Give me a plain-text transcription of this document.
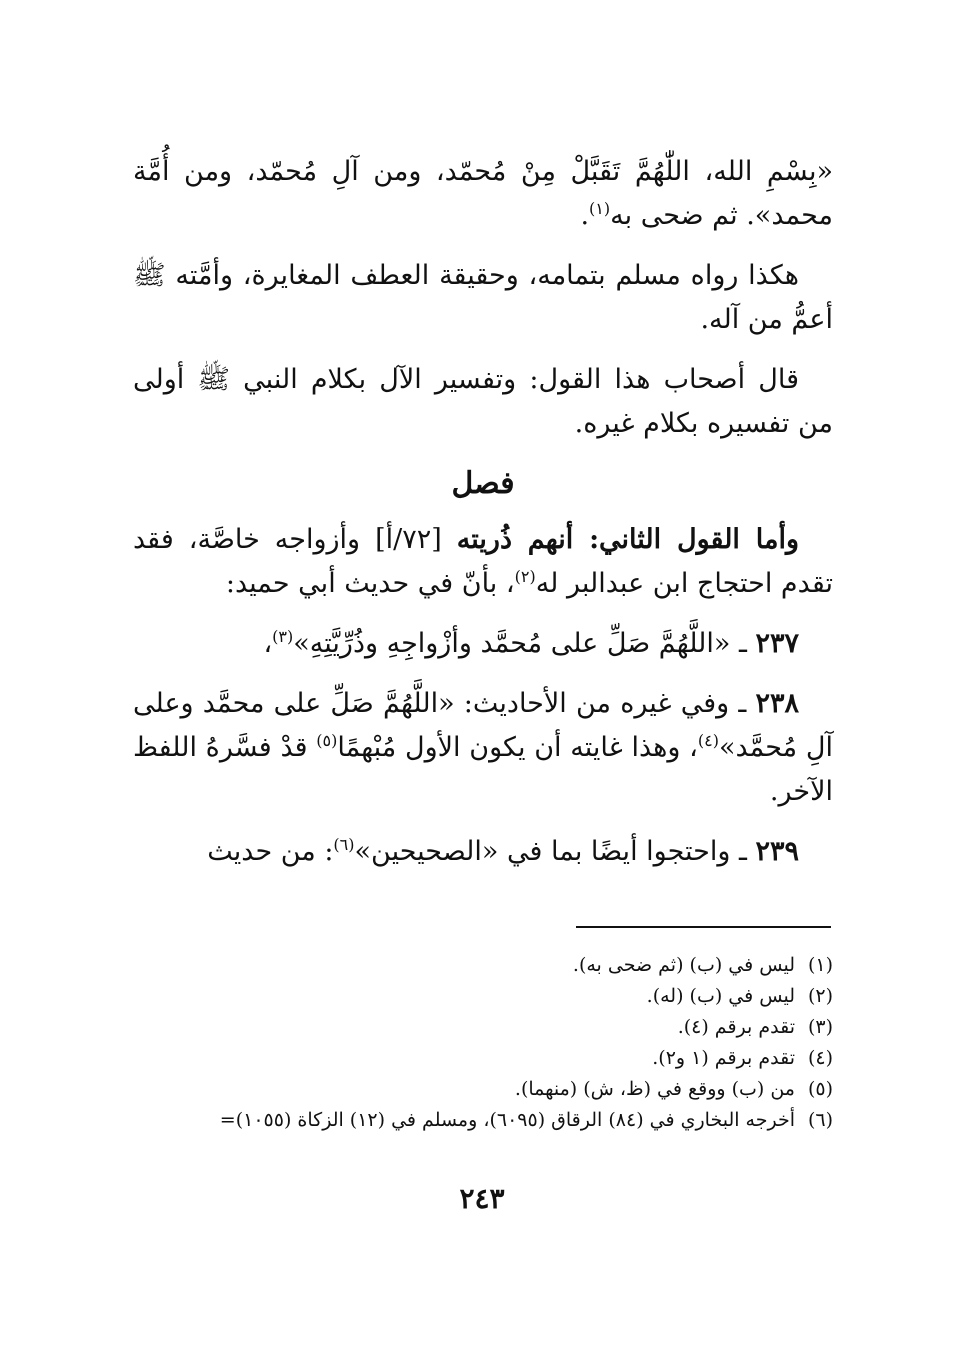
«بِسْمِ الله، اللّٰهُمَّ تَقَبَّلْ مِنْ مُحمّد، ومن آلِ مُحمّد، ومن أُمَّة محمد». ثم ضحى به$^{(١)}$.

هكذا رواه مسلم بتمامه، وحقيقة العطف المغايرة، وأمَّته ﷺ أعمُّ من آله.

قال أصحاب هذا القول: وتفسير الآل بكلام النبي ﷺ أولى من تفسيره بكلام غيره.

فصل

وأما القول الثاني: أنهم ذُريته [٧٢/أ] وأزواجه خاصَّة، فقد تقدم احتجاج ابن عبدالبر له$^{(٢)}$، بأنّ في حديث أبي حميد:

٢٣٧ ـ «اللَّهُمَّ صَلِّ على مُحمَّد وأزْواجِهِ وذُرِّيَّتِهِ»$^{(٣)}$،

٢٣٨ ـ وفي غيره من الأحاديث: «اللَّهُمَّ صَلِّ على محمَّد وعلى آلِ مُحمَّد»$^{(٤)}$، وهذا غايته أن يكون الأول مُبْهمًا$^{(٥)}$ قدْ فسَّرهُ اللفظ الآخر.

٢٣٩ ـ واحتجوا أيضًا بما في «الصحيحين»$^{(٦)}$: من حديث

(١)ليس في (ب) (ثم ضحى به).
(٢)ليس في (ب) (له).
(٣)تقدم برقم (٤).
(٤)تقدم برقم (١ و٢).
(٥)من (ب) ووقع في (ظ، ش) (منهما).
(٦)أخرجه البخاري في (٨٤) الرقاق (٦٠٩٥)، ومسلم في (١٢) الزكاة (١٠٥٥)=
٢٤٣
